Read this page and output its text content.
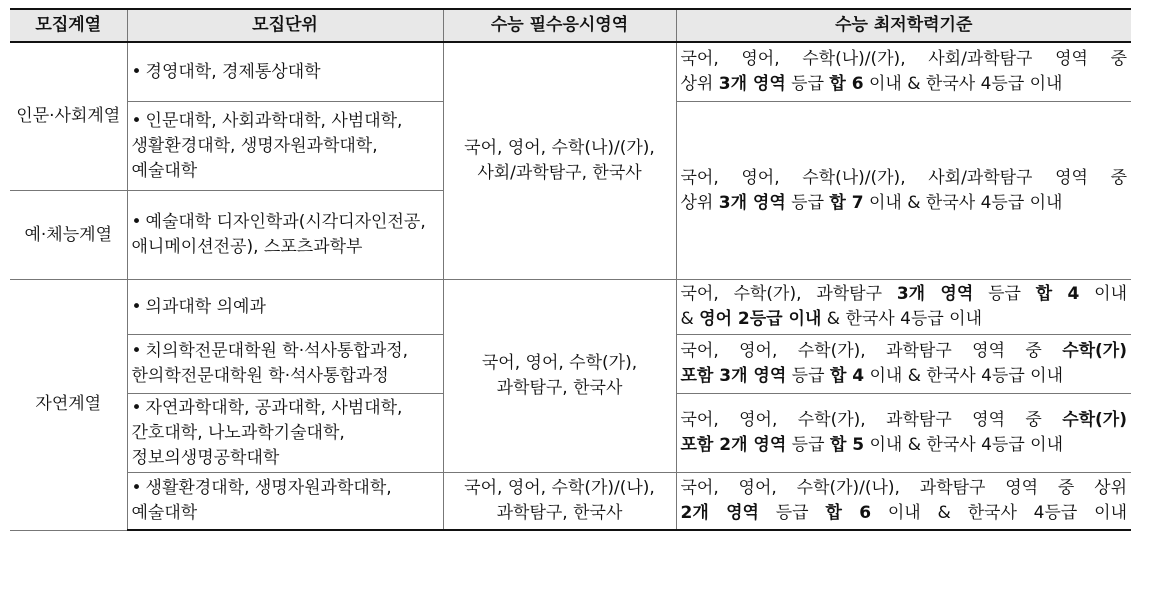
모집계열	모집단위	수능 필수응시영역	수능 최저학력기준
인문·사회계열	• 경영대학, 경제통상대학	국어, 영어, 수학(나)/(가),
사회/과학탐구, 한국사	국어, 영어, 수학(나)/(가), 사회/과학탐구 영역 중
상위 3개 영역 등급 합 6 이내 & 한국사 4등급 이내

	• 인문대학, 사회과학대학, 사범대학,
생활환경대학, 생명자원과학대학,
예술대학		국어, 영어, 수학(나)/(가), 사회/과학탐구 영역 중
상위 3개 영역 등급 합 7 이내 & 한국사 4등급 이내

예·체능계열	• 예술대학 디자인학과(시각디자인전공,
애니메이션전공), 스포츠과학부		

자연계열	• 의과대학 의예과	국어, 영어, 수학(가),
과학탐구, 한국사	국어, 수학(가), 과학탐구 3개 영역 등급 합 4 이내
& 영어 2등급 이내 & 한국사 4등급 이내

	• 치의학전문대학원 학·석사통합과정,
한의학전문대학원 학·석사통합과정		국어, 영어, 수학(가), 과학탐구 영역 중 수학(가)
포함 3개 영역 등급 합 4 이내 & 한국사 4등급 이내

	• 자연과학대학, 공과대학, 사범대학,
간호대학, 나노과학기술대학,
정보의생명공학대학		국어, 영어, 수학(가), 과학탐구 영역 중 수학(가)
포함 2개 영역 등급 합 5 이내 & 한국사 4등급 이내

	• 생활환경대학, 생명자원과학대학,
예술대학	국어, 영어, 수학(가)/(나),
과학탐구, 한국사	국어, 영어, 수학(가)/(나), 과학탐구 영역 중 상위
2개 영역 등급 합 6 이내 & 한국사 4등급 이내
